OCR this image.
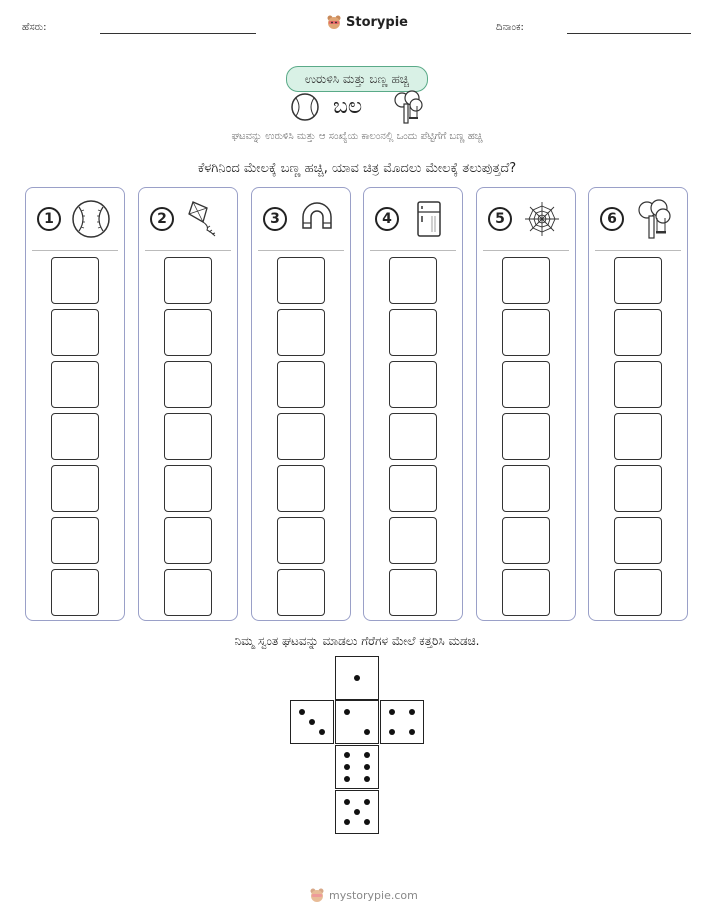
ಹೆಸರು:	Storypie	ದಿನಾಂಕ:
ಉರುಳಿಸಿ ಮತ್ತು ಬಣ್ಣ ಹಚ್ಚಿ
ಬಲ
ಘಟವನ್ನು ಉರುಳಿಸಿ ಮತ್ತು ಆ ಸಂಖ್ಯೆಯ ಕಾಲಂನಲ್ಲಿ ಒಂದು ಪೆಟ್ಟಿಗೆಗೆ ಬಣ್ಣ ಹಚ್ಚಿ
ಕೆಳಗಿನಿಂದ ಮೇಲಕ್ಕೆ ಬಣ್ಣ ಹಚ್ಚಿ, ಯಾವ ಚಿತ್ರ ಮೊದಲು ಮೇಲಕ್ಕೆ ತಲುಪುತ್ತದೆ?
1	2	3	4	5	6
ನಿಮ್ಮ ಸ್ವಂತ ಘಟವನ್ನು ಮಾಡಲು ಗೆರೆಗಳ ಮೇಲೆ ಕತ್ತರಿಸಿ ಮಡಚಿ.
mystorypie.com
